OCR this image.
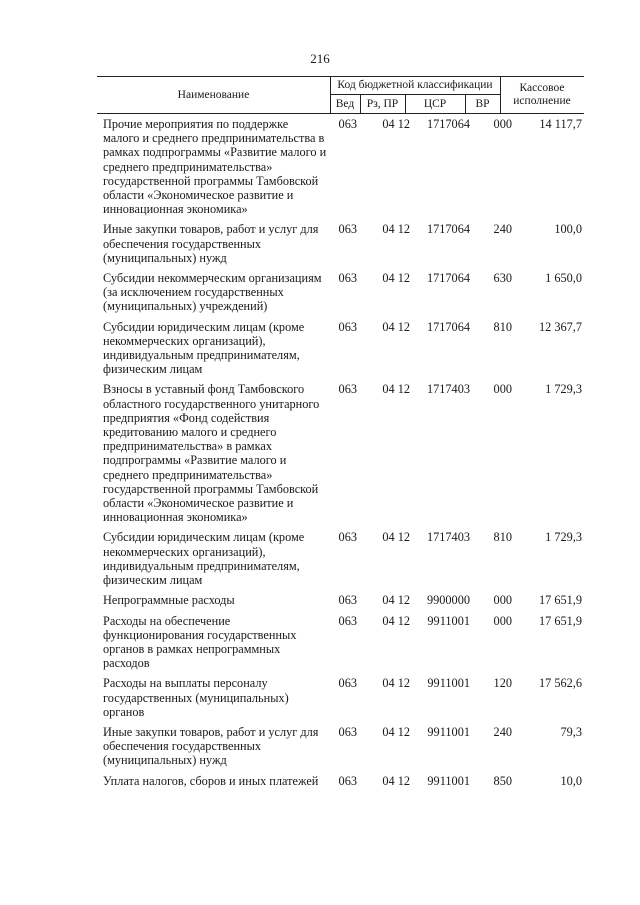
216
Наименование
Код бюджетной классификации
Вед	Рз, ПР	ЦСР	ВР
Кассовое исполнение
Прочие мероприятия по поддержке малого и среднего предпринимательства в рамках подпрограммы «Развитие малого и среднего предпринимательства» государственной программы Тамбовской области «Экономическое развитие и инновационная экономика»
063	04 12	1717064	000	14 117,7
Иные закупки товаров, работ и услуг для обеспечения государственных (муниципальных) нужд
063	04 12	1717064	240	100,0
Субсидии некоммерческим организациям (за исключением государственных (муниципальных) учреждений)
063	04 12	1717064	630	1 650,0
Субсидии юридическим лицам (кроме некоммерческих организаций), индивидуальным предпринимателям, физическим лицам
063	04 12	1717064	810	12 367,7
Взносы в уставный фонд Тамбовского областного государственного унитарного предприятия «Фонд содействия кредитованию малого и среднего предпринимательства» в рамках подпрограммы «Развитие малого и среднего предпринимательства» государственной программы Тамбовской области «Экономическое развитие и инновационная экономика»
063	04 12	1717403	000	1 729,3
Субсидии юридическим лицам (кроме некоммерческих организаций), индивидуальным предпринимателям, физическим лицам
063	04 12	1717403	810	1 729,3
Непрограммные расходы	063	04 12	9900000	000	17 651,9
Расходы на обеспечение функционирования государственных органов в рамках непрограммных расходов
063	04 12	9911001	000	17 651,9
Расходы на выплаты персоналу государственных (муниципальных) органов
063	04 12	9911001	120	17 562,6
Иные закупки товаров, работ и услуг для обеспечения государственных (муниципальных) нужд
063	04 12	9911001	240	79,3
Уплата налогов, сборов и иных платежей	063	04 12	9911001	850	10,0
